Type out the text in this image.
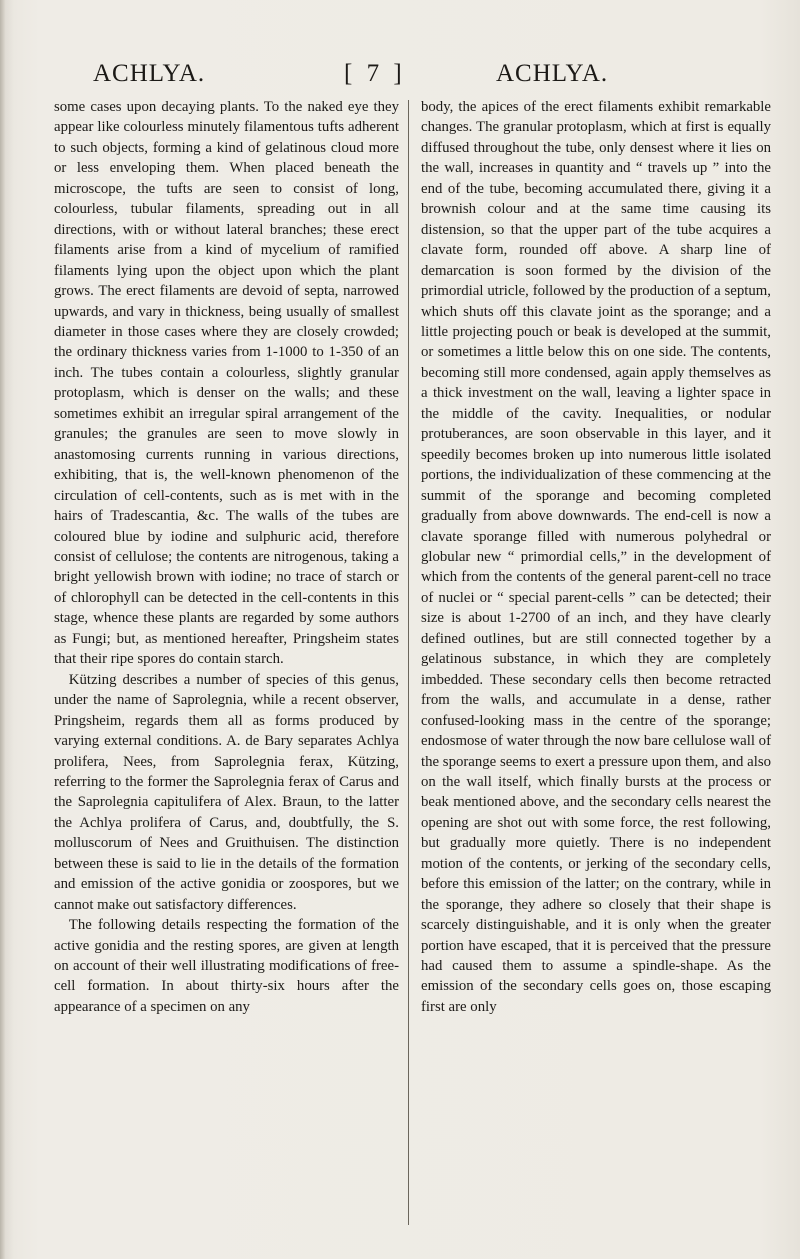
ACHLYA.	[ 7 ]	ACHLYA.

some cases upon decaying plants. To the naked eye they appear like colourless minutely filamentous tufts adherent to such objects, forming a kind of gelatinous cloud more or less enveloping them. When placed beneath the microscope, the tufts are seen to consist of long, colourless, tubular filaments, spreading out in all directions, with or without lateral branches; these erect filaments arise from a kind of mycelium of ramified filaments lying upon the object upon which the plant grows. The erect filaments are devoid of septa, narrowed upwards, and vary in thickness, being usually of smallest diameter in those cases where they are closely crowded; the ordinary thickness varies from 1-1000 to 1-350 of an inch. The tubes contain a colourless, slightly granular protoplasm, which is denser on the walls; and these sometimes exhibit an irregular spiral arrangement of the granules; the granules are seen to move slowly in anastomosing currents running in various directions, exhibiting, that is, the well-known phenomenon of the circulation of cell-contents, such as is met with in the hairs of Tradescantia, &c. The walls of the tubes are coloured blue by iodine and sulphuric acid, therefore consist of cellulose; the contents are nitrogenous, taking a bright yellowish brown with iodine; no trace of starch or of chlorophyll can be detected in the cell-contents in this stage, whence these plants are regarded by some authors as Fungi; but, as mentioned hereafter, Pringsheim states that their ripe spores do contain starch.

Kützing describes a number of species of this genus, under the name of Saprolegnia, while a recent observer, Pringsheim, regards them all as forms produced by varying external conditions. A. de Bary separates Achlya prolifera, Nees, from Saprolegnia ferax, Kützing, referring to the former the Saprolegnia ferax of Carus and the Saprolegnia capitulifera of Alex. Braun, to the latter the Achlya prolifera of Carus, and, doubtfully, the S. molluscorum of Nees and Gruithuisen. The distinction between these is said to lie in the details of the formation and emission of the active gonidia or zoospores, but we cannot make out satisfactory differences.

The following details respecting the formation of the active gonidia and the resting spores, are given at length on account of their well illustrating modifications of free-cell formation. In about thirty-six hours after the appearance of a specimen on any

body, the apices of the erect filaments exhibit remarkable changes. The granular protoplasm, which at first is equally diffused throughout the tube, only densest where it lies on the wall, increases in quantity and “ travels up ” into the end of the tube, becoming accumulated there, giving it a brownish colour and at the same time causing its distension, so that the upper part of the tube acquires a clavate form, rounded off above. A sharp line of demarcation is soon formed by the division of the primordial utricle, followed by the production of a septum, which shuts off this clavate joint as the sporange; and a little projecting pouch or beak is developed at the summit, or sometimes a little below this on one side. The contents, becoming still more condensed, again apply themselves as a thick investment on the wall, leaving a lighter space in the middle of the cavity. Inequalities, or nodular protuberances, are soon observable in this layer, and it speedily becomes broken up into numerous little isolated portions, the individualization of these commencing at the summit of the sporange and becoming completed gradually from above downwards. The end-cell is now a clavate sporange filled with numerous polyhedral or globular new “ primordial cells,” in the development of which from the contents of the general parent-cell no trace of nuclei or “ special parent-cells ” can be detected; their size is about 1-2700 of an inch, and they have clearly defined outlines, but are still connected together by a gelatinous substance, in which they are completely imbedded. These secondary cells then become retracted from the walls, and accumulate in a dense, rather confused-looking mass in the centre of the sporange; endosmose of water through the now bare cellulose wall of the sporange seems to exert a pressure upon them, and also on the wall itself, which finally bursts at the process or beak mentioned above, and the secondary cells nearest the opening are shot out with some force, the rest following, but gradually more quietly. There is no independent motion of the contents, or jerking of the secondary cells, before this emission of the latter; on the contrary, while in the sporange, they adhere so closely that their shape is scarcely distinguishable, and it is only when the greater portion have escaped, that it is perceived that the pressure had caused them to assume a spindle-shape. As the emission of the secondary cells goes on, those escaping first are only
